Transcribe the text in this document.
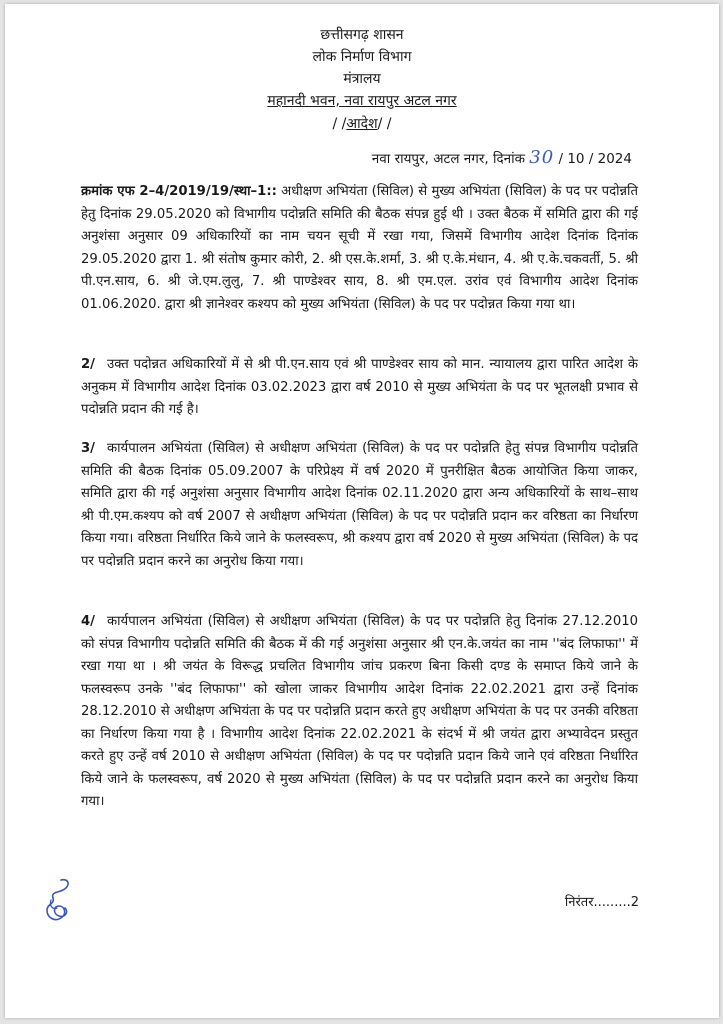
छत्तीसगढ़ शासन
लोक निर्माण विभाग
मंत्रालय
महानदी भवन, नवा रायपुर अटल नगर
/ /आदेश/ /
नवा रायपुर, अटल नगर, दिनांक 30 / 10 / 2024
क्रमांक एफ 2–4/2019/19/स्था–1:: अधीक्षण अभियंता (सिविल) से मुख्य अभियंता (सिविल) के पद पर पदोन्नति हेतु दिनांक 29.05.2020 को विभागीय पदोन्नति समिति की बैठक संपन्न हुई थी । उक्त बैठक में समिति द्वारा की गई अनुशंसा अनुसार 09 अधिकारियों का नाम चयन सूची में रखा गया, जिसमें विभागीय आदेश दिनांक दिनांक 29.05.2020 द्वारा 1. श्री संतोष कुमार कोरी, 2. श्री एस.के.शर्मा, 3. श्री ए.के.मंधान, 4. श्री ए.के.चकवर्ती, 5. श्री पी.एन.साय, 6. श्री जे.एम.लुलु, 7. श्री पाण्डेश्वर साय, 8. श्री एम.एल. उरांव एवं विभागीय आदेश दिनांक 01.06.2020. द्वारा श्री ज्ञानेश्वर कश्यप को मुख्य अभियंता (सिविल) के पद पर पदोन्नत किया गया था।
2/ उक्त पदोन्नत अधिकारियों में से श्री पी.एन.साय एवं श्री पाण्डेश्वर साय को मान. न्यायालय द्वारा पारित आदेश के अनुकम में विभागीय आदेश दिनांक 03.02.2023 द्वारा वर्ष 2010 से मुख्य अभियंता के पद पर भूतलक्षी प्रभाव से पदोन्नति प्रदान की गई है।
3/ कार्यपालन अभियंता (सिविल) से अधीक्षण अभियंता (सिविल) के पद पर पदोन्नति हेतु संपन्न विभागीय पदोन्नति समिति की बैठक दिनांक 05.09.2007 के परिप्रेक्ष्य में वर्ष 2020 में पुनरीक्षित बैठक आयोजित किया जाकर, समिति द्वारा की गई अनुशंसा अनुसार विभागीय आदेश दिनांक 02.11.2020 द्वारा अन्य अधिकारियों के साथ–साथ श्री पी.एम.कश्यप को वर्ष 2007 से अधीक्षण अभियंता (सिविल) के पद पर पदोन्नति प्रदान कर वरिष्ठता का निर्धारण किया गया। वरिष्ठता निर्धारित किये जाने के फलस्वरूप, श्री कश्यप द्वारा वर्ष 2020 से मुख्य अभियंता (सिविल) के पद पर पदोन्नति प्रदान करने का अनुरोध किया गया।
4/ कार्यपालन अभियंता (सिविल) से अधीक्षण अभियंता (सिविल) के पद पर पदोन्नति हेतु दिनांक 27.12.2010 को संपन्न विभागीय पदोन्नति समिति की बैठक में की गई अनुशंसा अनुसार श्री एन.के.जयंत का नाम ''बंद लिफाफा'' में रखा गया था । श्री जयंत के विरूद्ध प्रचलित विभागीय जांच प्रकरण बिना किसी दण्ड के समाप्त किये जाने के फलस्वरूप उनके ''बंद लिफाफा'' को खोला जाकर विभागीय आदेश दिनांक 22.02.2021 द्वारा उन्हें दिनांक 28.12.2010 से अधीक्षण अभियंता के पद पर पदोन्नति प्रदान करते हुए अधीक्षण अभियंता के पद पर उनकी वरिष्ठता का निर्धारण किया गया है । विभागीय आदेश दिनांक 22.02.2021 के संदर्भ में श्री जयंत द्वारा अभ्यावेदन प्रस्तुत करते हुए उन्हें वर्ष 2010 से अधीक्षण अभियंता (सिविल) के पद पर पदोन्नति प्रदान किये जाने एवं वरिष्ठता निर्धारित किये जाने के फलस्वरूप, वर्ष 2020 से मुख्य अभियंता (सिविल) के पद पर पदोन्नति प्रदान करने का अनुरोध किया गया।
निरंतर.........2
